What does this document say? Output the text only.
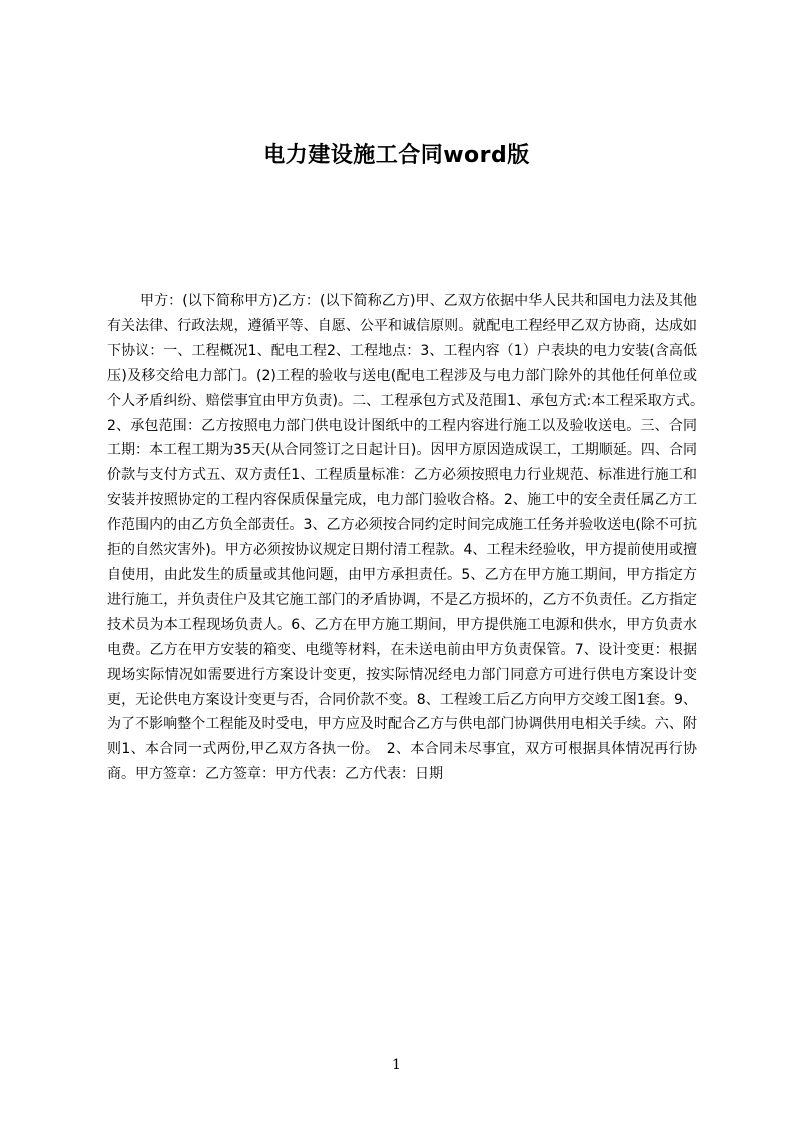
电力建设施工合同word版

甲方：(以下简称甲方)乙方：(以下简称乙方)甲、乙双方依据中华人民共和国电力法及其他有关法律、行政法规，遵循平等、自愿、公平和诚信原则。就配电工程经甲乙双方协商，达成如下协议：一、工程概况1、配电工程2、工程地点：3、工程内容（1）户表块的电力安装(含高低压)及移交给电力部门。(2)工程的验收与送电(配电工程涉及与电力部门除外的其他任何单位或个人矛盾纠纷、赔偿事宜由甲方负责)。二、工程承包方式及范围1、承包方式:本工程采取方式。　2、承包范围：乙方按照电力部门供电设计图纸中的工程内容进行施工以及验收送电。三、合同工期：本工程工期为35天(从合同签订之日起计日)。因甲方原因造成误工，工期顺延。四、合同价款与支付方式五、双方责任1、工程质量标准：乙方必须按照电力行业规范、标准进行施工和安装并按照协定的工程内容保质保量完成，电力部门验收合格。2、施工中的安全责任属乙方工作范围内的由乙方负全部责任。3、乙方必须按合同约定时间完成施工任务并验收送电(除不可抗拒的自然灾害外)。甲方必须按协议规定日期付清工程款。4、工程未经验收，甲方提前使用或擅自使用，由此发生的质量或其他问题，由甲方承担责任。5、乙方在甲方施工期间，甲方指定方进行施工，并负责住户及其它施工部门的矛盾协调，不是乙方损坏的，乙方不负责任。乙方指定技术员为本工程现场负责人。6、乙方在甲方施工期间，甲方提供施工电源和供水，甲方负责水电费。乙方在甲方安装的箱变、电缆等材料，在未送电前由甲方负责保管。7、设计变更：根据现场实际情况如需要进行方案设计变更，按实际情况经电力部门同意方可进行供电方案设计变更，无论供电方案设计变更与否，合同价款不变。8、工程竣工后乙方向甲方交竣工图1套。9、为了不影响整个工程能及时受电，甲方应及时配合乙方与供电部门协调供用电相关手续。六、附则1、本合同一式两份,甲乙双方各执一份。　2、本合同未尽事宜，双方可根据具体情况再行协商。甲方签章：乙方签章：甲方代表：乙方代表：日期

1
